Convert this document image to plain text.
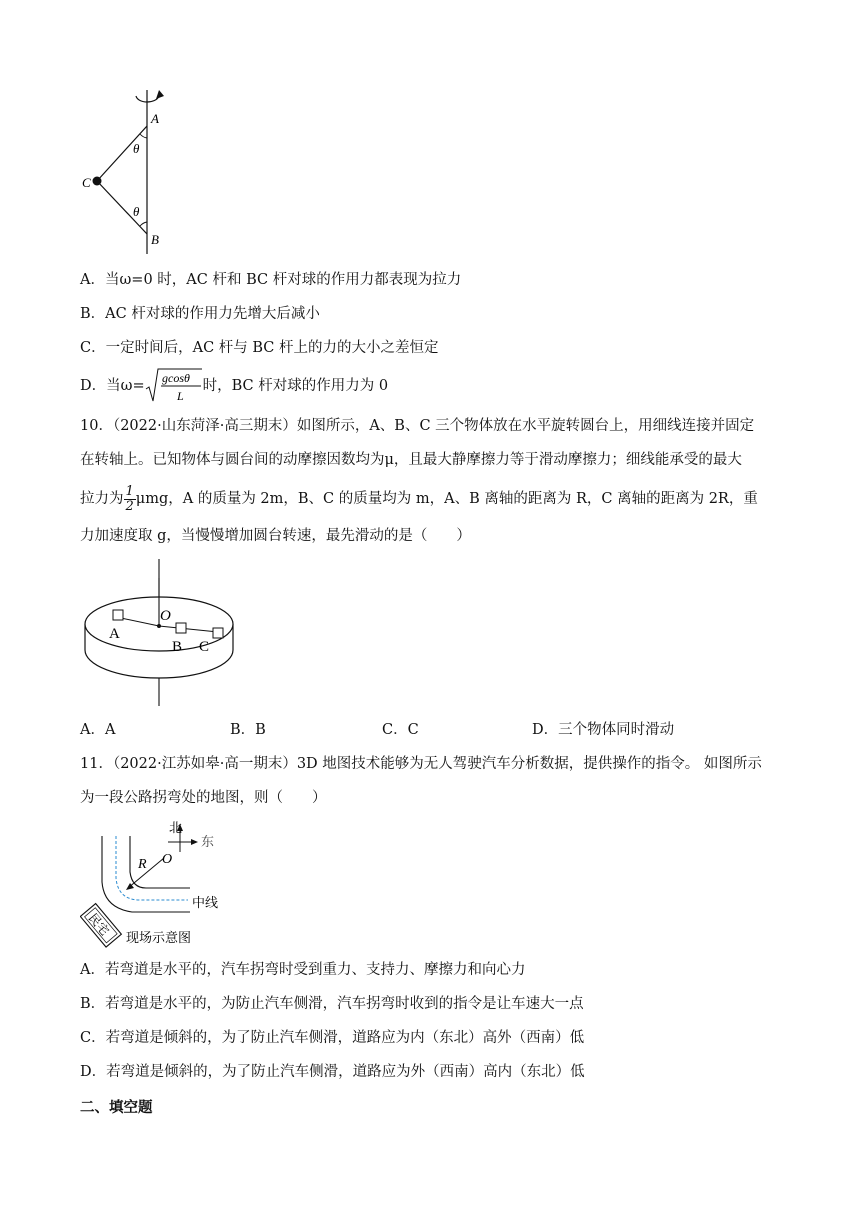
A
B
C
θ
θ
A．当ω=0 时，AC 杆和 BC 杆对球的作用力都表现为拉力
B．AC 杆对球的作用力先增大后减小
C．一定时间后，AC 杆与 BC 杆上的力的大小之差恒定
D．当ω= gcosθ
L
时，BC 杆对球的作用力为 0
10．（2022·山东菏泽·高三期末）如图所示，A、B、C 三个物体放在水平旋转圆台上，用细线连接并固定
在转轴上。已知物体与圆台间的动摩擦因数均为μ，且最大静摩擦力等于滑动摩擦力；细线能承受的最大
拉力为 $\frac{1}{2}$ μmg，A 的质量为 2m，B、C 的质量均为 m，A、B 离轴的距离为 R，C 离轴的距离为 2R，重
力加速度取 g，当慢慢增加圆台转速，最先滑动的是（　　）
O
A
B C
A．A	B．B	C．C	D．三个物体同时滑动
11．（2022·江苏如皋·高一期末）3D 地图技术能够为无人驾驶汽车分析数据，提供操作的指令。 如图所示
为一段公路拐弯处的地图，则（　　）
北
东
R O
中线
民宅 现场示意图
A．若弯道是水平的，汽车拐弯时受到重力、支持力、摩擦力和向心力
B．若弯道是水平的，为防止汽车侧滑，汽车拐弯时收到的指令是让车速大一点
C．若弯道是倾斜的，为了防止汽车侧滑，道路应为内（东北）高外（西南）低
D．若弯道是倾斜的，为了防止汽车侧滑，道路应为外（西南）高内（东北）低
二、填空题
